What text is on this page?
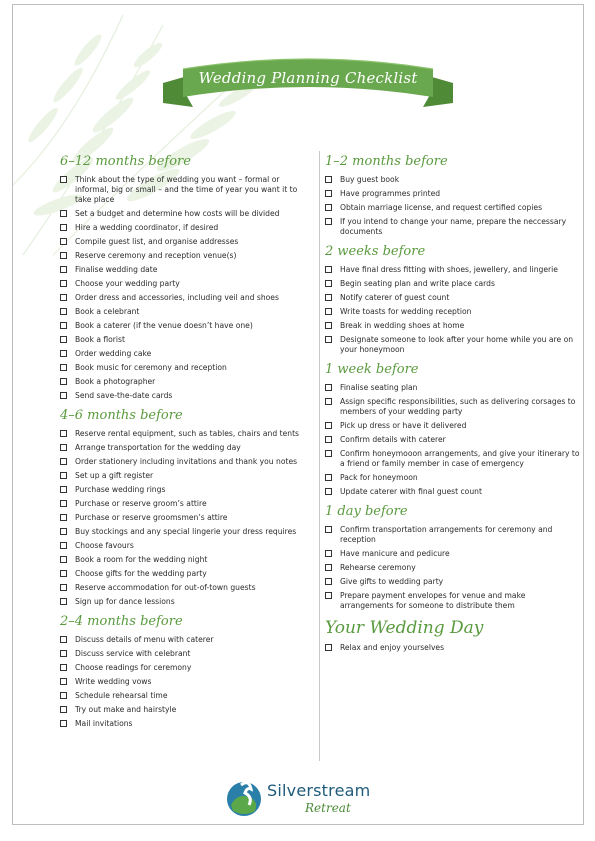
Wedding Planning Checklist
6–12 months before
Think about the type of wedding you want – formal or informal, big or small – and the time of year you want it to take place
Set a budget and determine how costs will be divided
Hire a wedding coordinator, if desired
Compile guest list, and organise addresses
Reserve ceremony and reception venue(s)
Finalise wedding date
Choose your wedding party
Order dress and accessories, including veil and shoes
Book a celebrant
Book a caterer (if the venue doesn’t have one)
Book a florist
Order wedding cake
Book music for ceremony and reception
Book a photographer
Send save-the-date cards
4–6 months before
Reserve rental equipment, such as tables, chairs and tents
Arrange transportation for the wedding day
Order stationery including invitations and thank you notes
Set up a gift register
Purchase wedding rings
Purchase or reserve groom’s attire
Purchase or reserve groomsmen’s attire
Buy stockings and any special lingerie your dress requires
Choose favours
Book a room for the wedding night
Choose gifts for the wedding party
Reserve accommodation for out-of-town guests
Sign up for dance lessions
2–4 months before
Discuss details of menu with caterer
Discuss service with celebrant
Choose readings for ceremony
Write wedding vows
Schedule rehearsal time
Try out make and hairstyle
Mail invitations
1–2 months before
Buy guest book
Have programmes printed
Obtain marriage license, and request certified copies
If you intend to change your name, prepare the neccessary documents
2 weeks before
Have final dress fitting with shoes, jewellery, and lingerie
Begin seating plan and write place cards
Notify caterer of guest count
Write toasts for wedding reception
Break in wedding shoes at home
Designate someone to look after your home while you are on your honeymoon
1 week before
Finalise seating plan
Assign specific responsibilities, such as delivering corsages to members of your wedding party
Pick up dress or have it delivered
Confirm details with caterer
Confirm honeymooon arrangements, and give your itinerary to a friend or family member in case of emergency
Pack for honeymoon
Update caterer with final guest count
1 day before
Confirm transportation arrangements for ceremony and reception
Have manicure and pedicure
Rehearse ceremony
Give gifts to wedding party
Prepare payment envelopes for venue and make arrangements for someone to distribute them
Your Wedding Day
Relax and enjoy yourselves
Silverstream
Retreat
